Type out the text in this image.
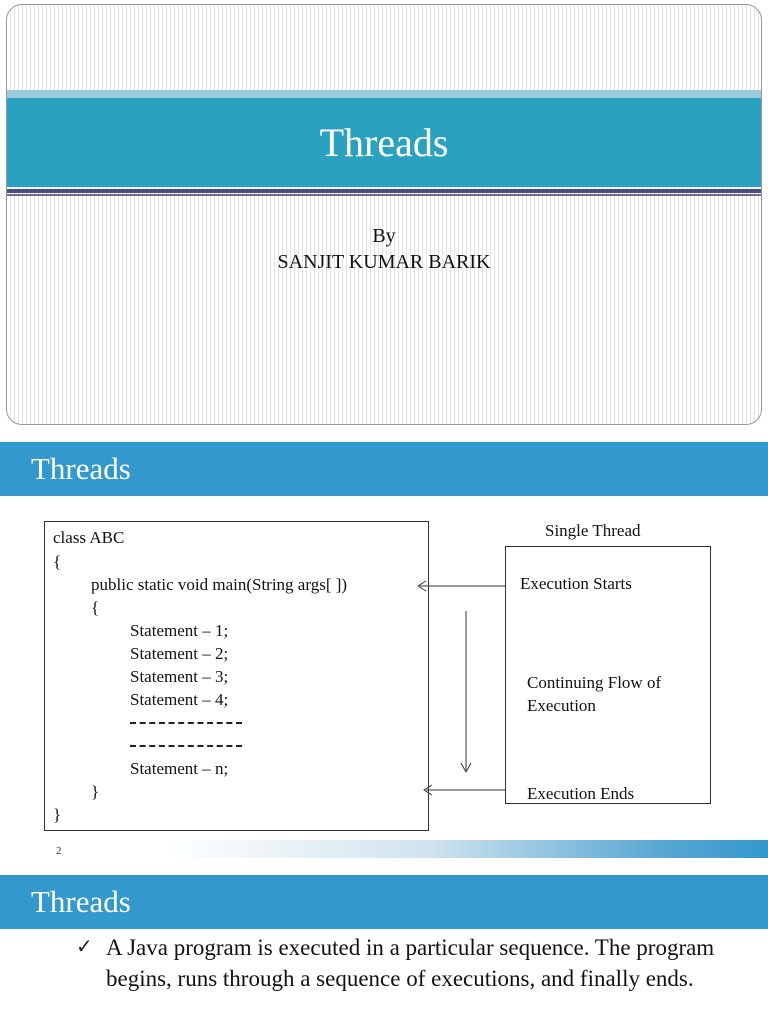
Threads
By
SANJIT KUMAR BARIK
Threads
class ABC
{
public static void main(String args[ ])
{
Statement – 1;
Statement – 2;
Statement – 3;
Statement – 4;
Statement – n;
}
}
Single Thread
Execution Starts
Continuing Flow of Execution
Execution Ends
2
Threads
✓ A Java program is executed in a particular sequence. The program begins, runs through a sequence of executions, and finally ends.
